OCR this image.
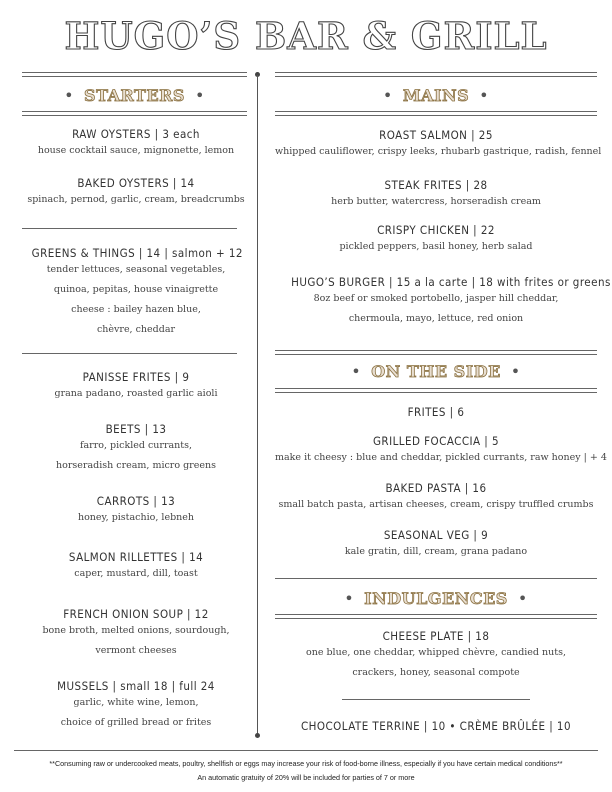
HUGO’S BAR & GRILL
• STARTERS •	• MAINS •
RAW OYSTERS | 3 each
house cocktail sauce, mignonette, lemon
BAKED OYSTERS | 14
spinach, pernod, garlic, cream, breadcrumbs
GREENS & THINGS | 14 | salmon + 12
tender lettuces, seasonal vegetables,
quinoa, pepitas, house vinaigrette
cheese : bailey hazen blue,
chèvre, cheddar
PANISSE FRITES | 9
grana padano, roasted garlic aioli
BEETS | 13
farro, pickled currants,
horseradish cream, micro greens
CARROTS | 13
honey, pistachio, lebneh
SALMON RILLETTES | 14
caper, mustard, dill, toast
FRENCH ONION SOUP | 12
bone broth, melted onions, sourdough,
vermont cheeses
MUSSELS | small 18 | full 24
garlic, white wine, lemon,
choice of grilled bread or frites
ROAST SALMON | 25
whipped cauliflower, crispy leeks, rhubarb gastrique, radish, fennel
STEAK FRITES | 28
herb butter, watercress, horseradish cream
CRISPY CHICKEN | 22
pickled peppers, basil honey, herb salad
HUGO’S BURGER | 15 a la carte | 18 with frites or greens
8oz beef or smoked portobello, jasper hill cheddar,
chermoula, mayo, lettuce, red onion
• ON THE SIDE •
FRITES | 6
GRILLED FOCACCIA | 5
make it cheesy : blue and cheddar, pickled currants, raw honey | + 4
BAKED PASTA | 16
small batch pasta, artisan cheeses, cream, crispy truffled crumbs
SEASONAL VEG | 9
kale gratin, dill, cream, grana padano
• INDULGENCES •
CHEESE PLATE | 18
one blue, one cheddar, whipped chèvre, candied nuts,
crackers, honey, seasonal compote
CHOCOLATE TERRINE | 10 • CRÈME BRÛLÉE | 10
**Consuming raw or undercooked meats, poultry, shellfish or eggs may increase your risk of food-borne illness, especially if you have certain medical conditions**
An automatic gratuity of 20% will be included for parties of 7 or more
